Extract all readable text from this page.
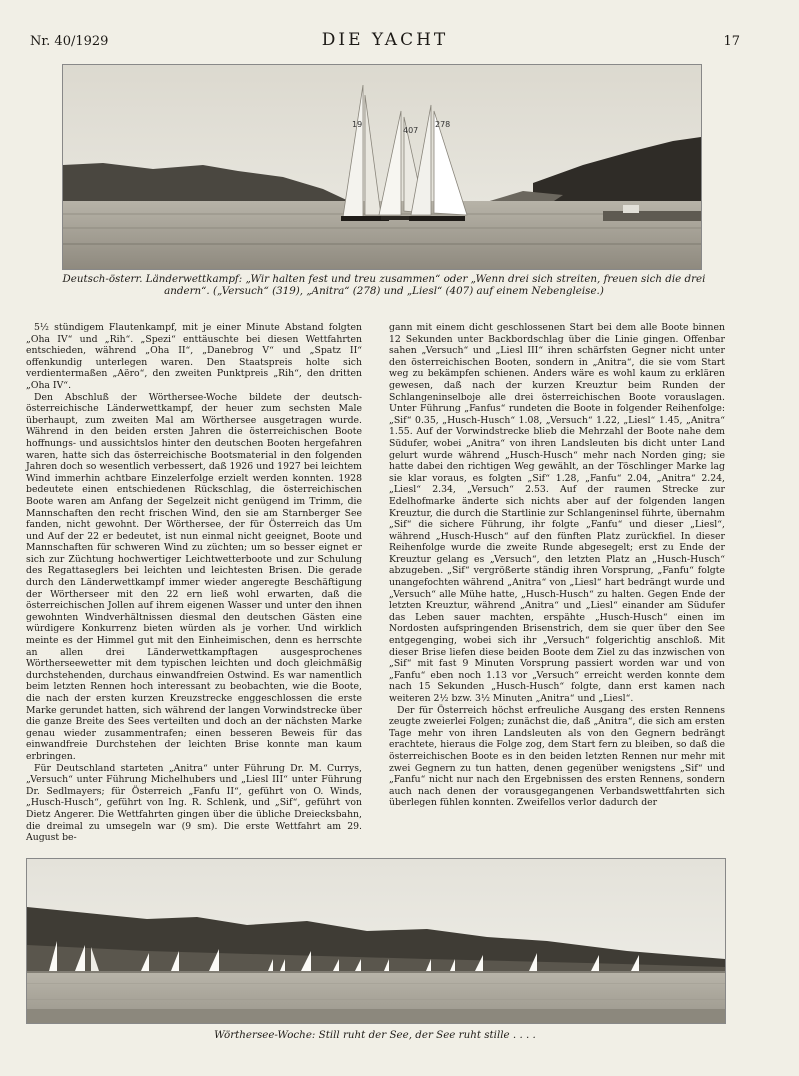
Nr. 40/1929	DIE YACHT	17
19
407
278
Deutsch-österr. Länderwettkampf: „Wir halten fest und treu zusammen“ oder „Wenn drei sich streiten, freuen sich die drei andern“. („Versuch“ (319), „Anitra“ (278) und „Liesl“ (407) auf einem Nebengleise.)

5½ stündigem Flautenkampf, mit je einer Minute Abstand folgten „Oha IV“ und „Rih“. „Spezi“ enttäuschte bei diesen Wettfahrten entschieden, während „Oha II“, „Danebrog V“ und „Spatz II“ offenkundig unterlegen waren. Den Staatspreis holte sich verdientermaßen „Aëro“, den zweiten Punktpreis „Rih“, den dritten „Oha IV“.

Den Abschluß der Wörthersee-Woche bildete der deutsch-österreichische Länderwettkampf, der heuer zum sechsten Male überhaupt, zum zweiten Mal am Wörthersee ausgetragen wurde. Während in den beiden ersten Jahren die österreichischen Boote hoffnungs- und aussichtslos hinter den deutschen Booten hergefahren waren, hatte sich das österreichische Bootsmaterial in den folgenden Jahren doch so wesentlich verbessert, daß 1926 und 1927 bei leichtem Wind immerhin achtbare Einzelerfolge erzielt werden konnten. 1928 bedeutete einen entschiedenen Rückschlag, die österreichischen Boote waren am Anfang der Segelzeit nicht genügend im Trimm, die Mannschaften den recht frischen Wind, den sie am Starnberger See fanden, nicht gewohnt. Der Wörthersee, der für Österreich das Um und Auf der 22 er bedeutet, ist nun einmal nicht geeignet, Boote und Mannschaften für schweren Wind zu züchten; um so besser eignet er sich zur Züchtung hochwertiger Leichtwetterboote und zur Schulung des Regattaseglers bei leichten und leichtesten Brisen. Die gerade durch den Länderwettkampf immer wieder angeregte Beschäftigung der Wörtherseer mit den 22 ern ließ wohl erwarten, daß die österreichischen Jollen auf ihrem eigenen Wasser und unter den ihnen gewohnten Windverhältnissen diesmal den deutschen Gästen eine würdigere Konkurrenz bieten würden als je vorher. Und wirklich meinte es der Himmel gut mit den Einheimischen, denn es herrschte an allen drei Länderwettkampftagen ausgesprochenes Wörtherseewetter mit dem typischen leichten und doch gleichmäßig durchstehenden, durchaus einwandfreien Ostwind. Es war namentlich beim letzten Rennen hoch interessant zu beobachten, wie die Boote, die nach der ersten kurzen Kreuzstrecke enggeschlossen die erste Marke gerundet hatten, sich während der langen Vorwindstrecke über die ganze Breite des Sees verteilten und doch an der nächsten Marke genau wieder zusammentrafen; einen besseren Beweis für das einwandfreie Durchstehen der leichten Brise konnte man kaum erbringen.

Für Deutschland starteten „Anitra“ unter Führung Dr. M. Currys, „Versuch“ unter Führung Michelhubers und „Liesl III“ unter Führung Dr. Sedlmayers; für Österreich „Fanfu II“, geführt von O. Winds, „Husch-Husch“, geführt von Ing. R. Schlenk, und „Sif“, geführt von Dietz Angerer. Die Wettfahrten gingen über die übliche Dreiecksbahn, die dreimal zu umsegeln war (9 sm). Die erste Wettfahrt am 29. August be-

gann mit einem dicht geschlossenen Start bei dem alle Boote binnen 12 Sekunden unter Backbordschlag über die Linie gingen. Offenbar sahen „Versuch“ und „Liesl III“ ihren schärfsten Gegner nicht unter den österreichischen Booten, sondern in „Anitra“, die sie vom Start weg zu bekämpfen schienen. Anders wäre es wohl kaum zu erklären gewesen, daß nach der kurzen Kreuztur beim Runden der Schlangeninselboje alle drei österreichischen Boote vorauslagen. Unter Führung „Fanfus“ rundeten die Boote in folgender Reihenfolge: „Sif“ 0.35, „Husch-Husch“ 1.08, „Versuch“ 1.22, „Liesl“ 1.45, „Anitra“ 1.55. Auf der Vorwindstrecke blieb die Mehrzahl der Boote nahe dem Südufer, wobei „Anitra“ von ihren Landsleuten bis dicht unter Land gelurt wurde während „Husch-Husch“ mehr nach Norden ging; sie hatte dabei den richtigen Weg gewählt, an der Töschlinger Marke lag sie klar voraus, es folgten „Sif“ 1.28, „Fanfu“ 2.04, „Anitra“ 2.24, „Liesl“ 2.34, „Versuch“ 2.53. Auf der raumen Strecke zur Edelhofmarke änderte sich nichts aber auf der folgenden langen Kreuztur, die durch die Startlinie zur Schlangeninsel führte, übernahm „Sif“ die sichere Führung, ihr folgte „Fanfu“ und dieser „Liesl“, während „Husch-Husch“ auf den fünften Platz zurückfiel. In dieser Reihenfolge wurde die zweite Runde abgesegelt; erst zu Ende der Kreuztur gelang es „Versuch“, den letzten Platz an „Husch-Husch“ abzugeben. „Sif“ vergrößerte ständig ihren Vorsprung, „Fanfu“ folgte unangefochten während „Anitra“ von „Liesl“ hart bedrängt wurde und „Versuch“ alle Mühe hatte, „Husch-Husch“ zu halten. Gegen Ende der letzten Kreuztur, während „Anitra“ und „Liesl“ einander am Südufer das Leben sauer machten, erspähte „Husch-Husch“ einen im Nordosten aufspringenden Brisenstrich, dem sie quer über den See entgegenging, wobei sich ihr „Versuch“ folgerichtig anschloß. Mit dieser Brise liefen diese beiden Boote dem Ziel zu das inzwischen von „Sif“ mit fast 9 Minuten Vorsprung passiert worden war und von „Fanfu“ eben noch 1.13 vor „Versuch“ erreicht werden konnte dem nach 15 Sekunden „Husch-Husch“ folgte, dann erst kamen nach weiteren 2½ bzw. 3½ Minuten „Anitra“ und „Liesl“.

Der für Österreich höchst erfreuliche Ausgang des ersten Rennens zeugte zweierlei Folgen; zunächst die, daß „Anitra“, die sich am ersten Tage mehr von ihren Landsleuten als von den Gegnern bedrängt erachtete, hieraus die Folge zog, dem Start fern zu bleiben, so daß die österreichischen Boote es in den beiden letzten Rennen nur mehr mit zwei Gegnern zu tun hatten, denen gegenüber wenigstens „Sif“ und „Fanfu“ nicht nur nach den Ergebnissen des ersten Rennens, sondern auch nach denen der vorausgegangenen Verbandswettfahrten sich überlegen fühlen konnten. Zweifellos verlor dadurch der

Wörthersee-Woche: Still ruht der See, der See ruht stille . . . .
